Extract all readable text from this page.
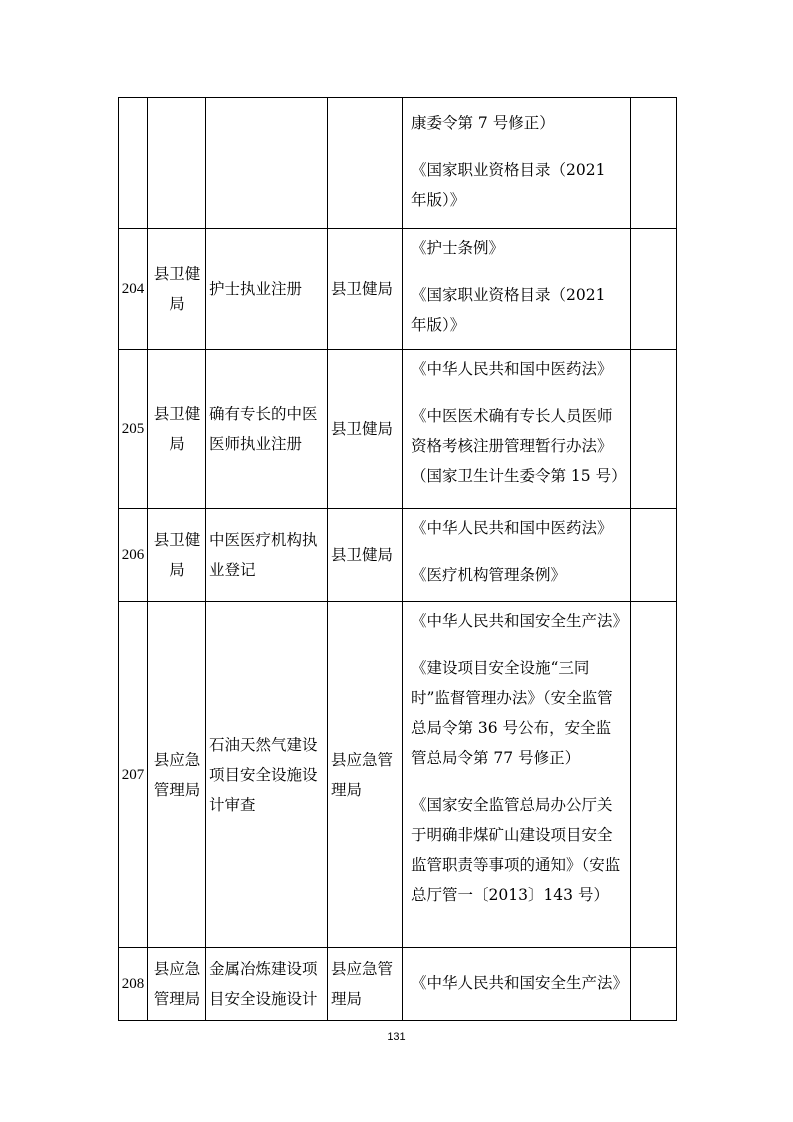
				康委令第 7 号修正）

《国家职业资格目录（2021 年版）》	

204	县卫健局	护士执业注册	县卫健局	《护士条例》

《国家职业资格目录（2021 年版）》	

205	县卫健局	确有专长的中医医师执业注册	县卫健局	《中华人民共和国中医药法》

《中医医术确有专长人员医师资格考核注册管理暂行办法》（国家卫生计生委令第 15 号）	

206	县卫健局	中医医疗机构执业登记	县卫健局	《中华人民共和国中医药法》

《医疗机构管理条例》	

207	县应急管理局	石油天然气建设项目安全设施设计审查	县应急管理局	《中华人民共和国安全生产法》

《建设项目安全设施“三同时”监督管理办法》（安全监管总局令第 36 号公布，安全监管总局令第 77 号修正）

《国家安全监管总局办公厅关于明确非煤矿山建设项目安全监管职责等事项的通知》（安监总厅管一〔2013〕143 号）	

208	县应急管理局	金属冶炼建设项目安全设施设计	县应急管理局	《中华人民共和国安全生产法》	

131
